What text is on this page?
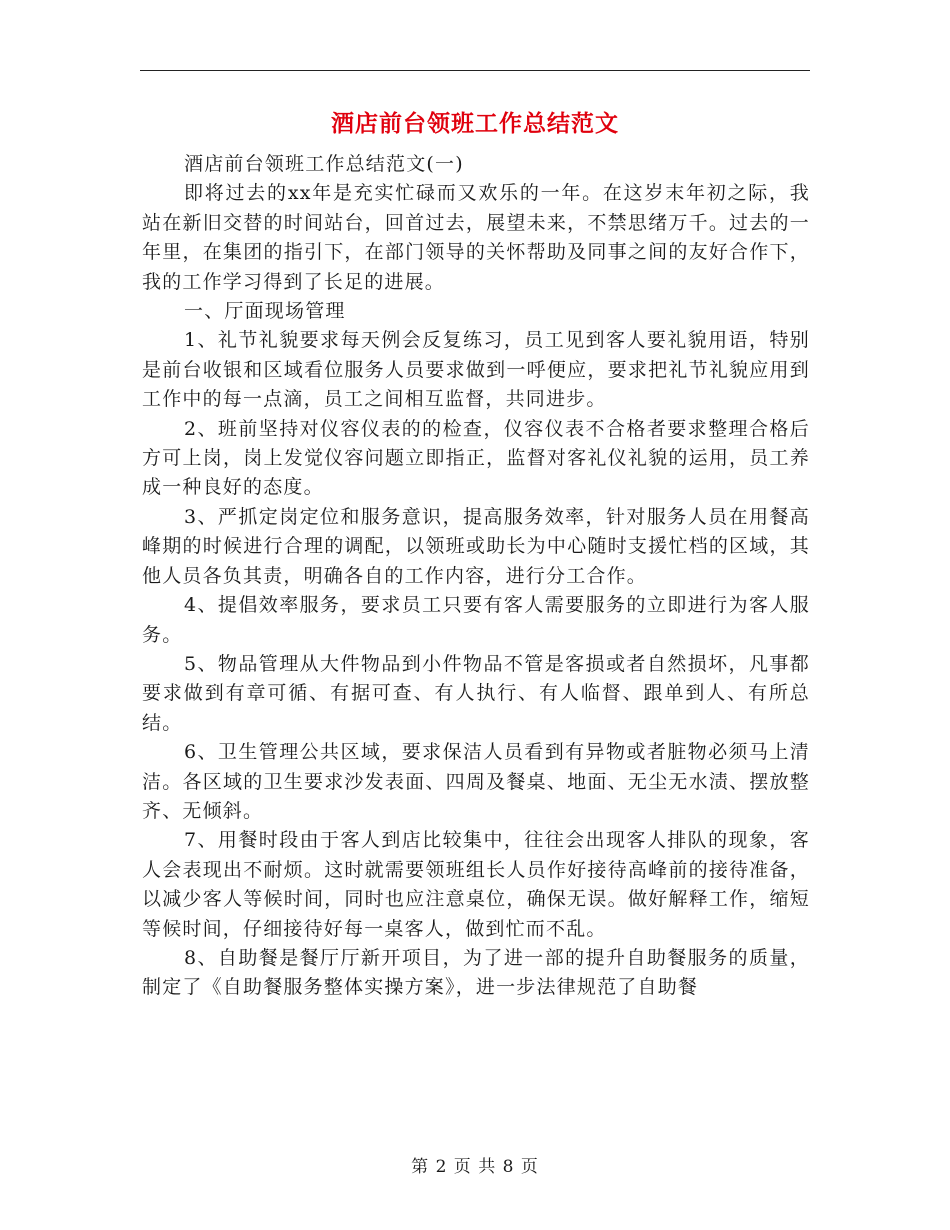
酒店前台领班工作总结范文

酒店前台领班工作总结范文(一)

即将过去的xx年是充实忙碌而又欢乐的一年。在这岁末年初之际，我站在新旧交替的时间站台，回首过去，展望未来，不禁思绪万千。过去的一年里，在集团的指引下，在部门领导的关怀帮助及同事之间的友好合作下，我的工作学习得到了长足的进展。

一、厅面现场管理

1、礼节礼貌要求每天例会反复练习，员工见到客人要礼貌用语，特别是前台收银和区域看位服务人员要求做到一呼便应，要求把礼节礼貌应用到工作中的每一点滴，员工之间相互监督，共同进步。

2、班前坚持对仪容仪表的的检查，仪容仪表不合格者要求整理合格后方可上岗，岗上发觉仪容问题立即指正，监督对客礼仪礼貌的运用，员工养成一种良好的态度。

3、严抓定岗定位和服务意识，提高服务效率，针对服务人员在用餐高峰期的时候进行合理的调配，以领班或助长为中心随时支援忙档的区域，其他人员各负其责，明确各自的工作内容，进行分工合作。

4、提倡效率服务，要求员工只要有客人需要服务的立即进行为客人服务。

5、物品管理从大件物品到小件物品不管是客损或者自然损坏，凡事都要求做到有章可循、有据可查、有人执行、有人临督、跟单到人、有所总结。

6、卫生管理公共区域，要求保洁人员看到有异物或者脏物必须马上清洁。各区域的卫生要求沙发表面、四周及餐桌、地面、无尘无水渍、摆放整齐、无倾斜。

7、用餐时段由于客人到店比较集中，往往会出现客人排队的现象，客人会表现出不耐烦。这时就需要领班组长人员作好接待高峰前的接待准备，以减少客人等候时间，同时也应注意桌位，确保无误。做好解释工作，缩短等候时间，仔细接待好每一桌客人，做到忙而不乱。

8、自助餐是餐厅厅新开项目，为了进一部的提升自助餐服务的质量，制定了《自助餐服务整体实操方案》，进一步法律规范了自助餐

第 2 页 共 8 页
